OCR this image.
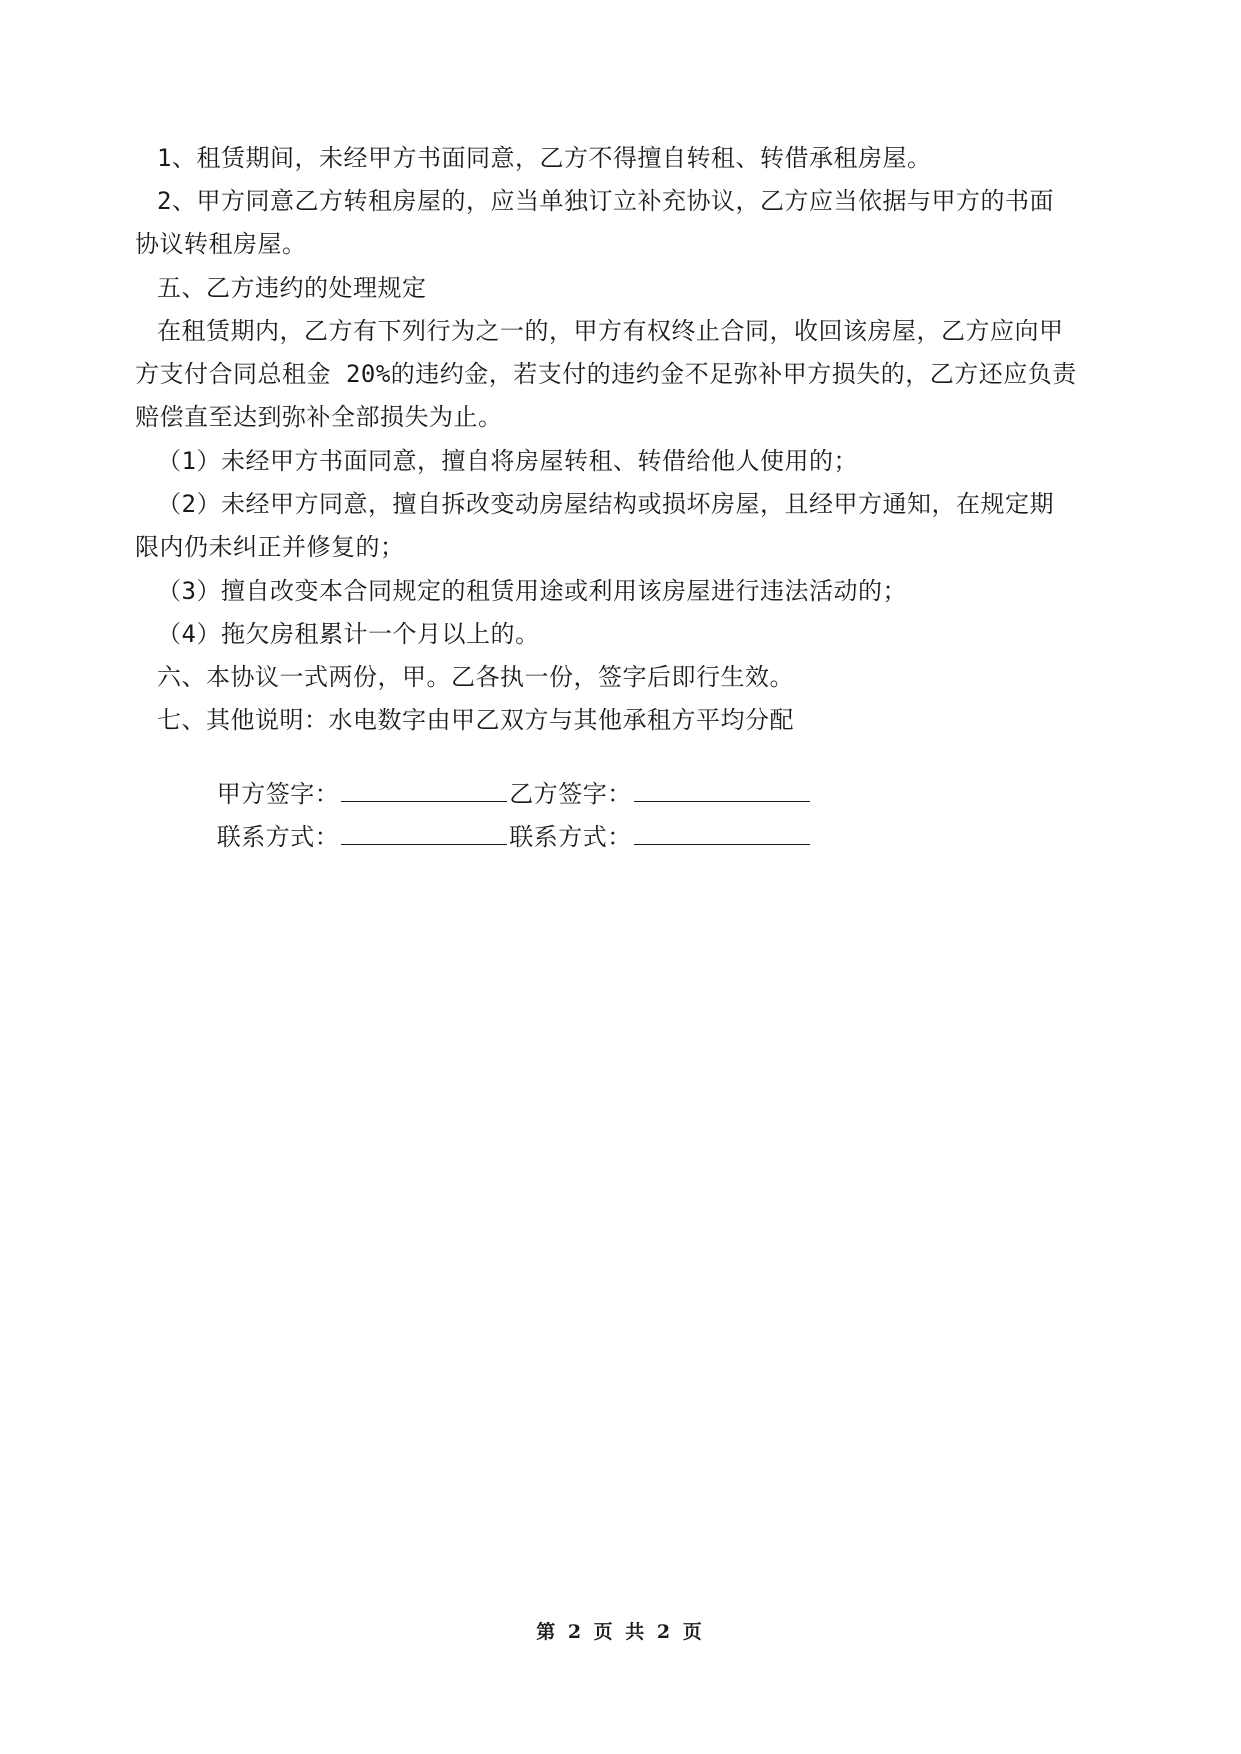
1、租赁期间，未经甲方书面同意，乙方不得擅自转租、转借承租房屋。
2、甲方同意乙方转租房屋的，应当单独订立补充协议，乙方应当依据与甲方的书面
协议转租房屋。
五、乙方违约的处理规定
在租赁期内，乙方有下列行为之一的，甲方有权终止合同，收回该房屋，乙方应向甲
方支付合同总租金 20%的违约金，若支付的违约金不足弥补甲方损失的，乙方还应负责
赔偿直至达到弥补全部损失为止。
（1）未经甲方书面同意，擅自将房屋转租、转借给他人使用的；
（2）未经甲方同意，擅自拆改变动房屋结构或损坏房屋，且经甲方通知，在规定期
限内仍未纠正并修复的；
（3）擅自改变本合同规定的租赁用途或利用该房屋进行违法活动的；
（4）拖欠房租累计一个月以上的。
六、本协议一式两份，甲。乙各执一份，签字后即行生效。
七、其他说明：水电数字由甲乙双方与其他承租方平均分配

甲方签字：	乙方签字：

联系方式：	联系方式：

第 2 页 共 2 页
